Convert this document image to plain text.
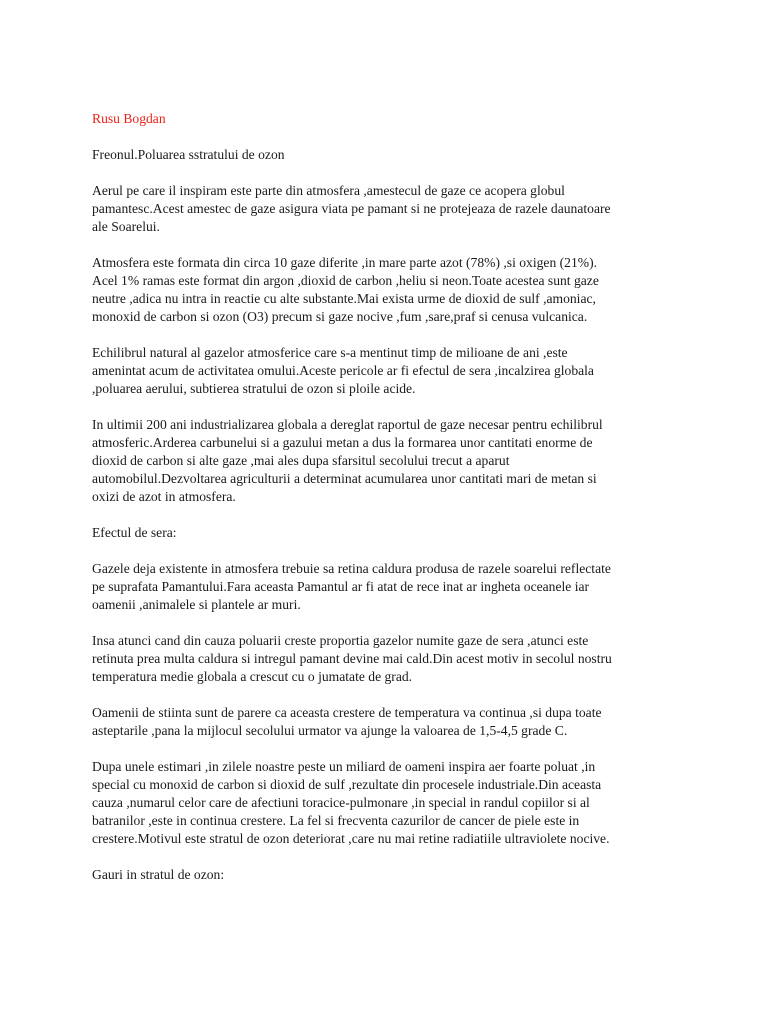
Rusu Bogdan
Freonul.Poluarea sstratului de ozon
Aerul pe care il inspiram este parte din atmosfera ,amestecul de gaze ce acopera globul
pamantesc.Acest amestec de gaze asigura viata pe pamant si ne protejeaza de razele daunatoare
ale Soarelui.
Atmosfera este formata din circa 10 gaze diferite ,in mare parte azot (78%) ,si oxigen (21%).
Acel 1% ramas este format din argon ,dioxid de carbon ,heliu si neon.Toate acestea sunt gaze
neutre ,adica nu intra in reactie cu alte substante.Mai exista urme de dioxid de sulf ,amoniac,
monoxid de carbon si ozon (O3) precum si gaze nocive ,fum ,sare,praf si cenusa vulcanica.
Echilibrul natural al gazelor atmosferice care s-a mentinut timp de milioane de ani ,este
amenintat acum de activitatea omului.Aceste pericole ar fi efectul de sera ,incalzirea globala
,poluarea aerului, subtierea stratului de ozon si ploile acide.
In ultimii 200 ani industrializarea globala a dereglat raportul de gaze necesar pentru echilibrul
atmosferic.Arderea carbunelui si a gazului metan a dus la formarea unor cantitati enorme de
dioxid de carbon si alte gaze ,mai ales dupa sfarsitul secolului trecut a aparut
automobilul.Dezvoltarea agriculturii a determinat acumularea unor cantitati mari de metan si
oxizi de azot in atmosfera.
Efectul de sera:
Gazele deja existente in atmosfera trebuie sa retina caldura produsa de razele soarelui reflectate
pe suprafata Pamantului.Fara aceasta Pamantul ar fi atat de rece inat ar ingheta oceanele iar
oamenii ,animalele si plantele ar muri.
Insa atunci cand din cauza poluarii creste proportia gazelor numite gaze de sera ,atunci este
retinuta prea multa caldura si intregul pamant devine mai cald.Din acest motiv in secolul nostru
temperatura medie globala a crescut cu o jumatate de grad.
Oamenii de stiinta sunt de parere ca aceasta crestere de temperatura va continua ,si dupa toate
asteptarile ,pana la mijlocul secolului urmator va ajunge la valoarea de 1,5-4,5 grade C.
Dupa unele estimari ,in zilele noastre peste un miliard de oameni inspira aer foarte poluat ,in
special cu monoxid de carbon si dioxid de sulf ,rezultate din procesele industriale.Din aceasta
cauza ,numarul celor care de afectiuni toracice-pulmonare ,in special in randul copiilor si al
batranilor ,este in continua crestere. La fel si frecventa cazurilor de cancer de piele este in
crestere.Motivul este stratul de ozon deteriorat ,care nu mai retine radiatiile ultraviolete nocive.
Gauri in stratul de ozon:
